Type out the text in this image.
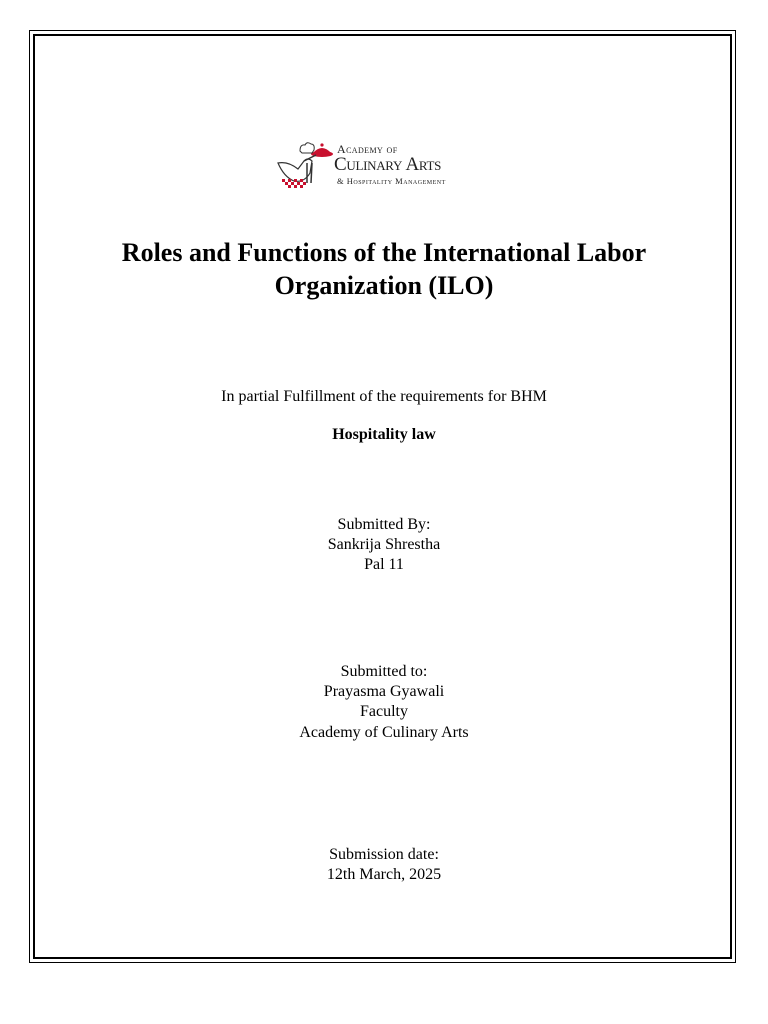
Academy of
Culinary Arts
& Hospitality Management
Roles and Functions of the International Labor Organization (ILO)
In partial Fulfillment of the requirements for BHM
Hospitality law
Submitted By:
Sankrija Shrestha
Pal 11
Submitted to:
Prayasma Gyawali
Faculty
Academy of Culinary Arts
Submission date:
12th March, 2025
